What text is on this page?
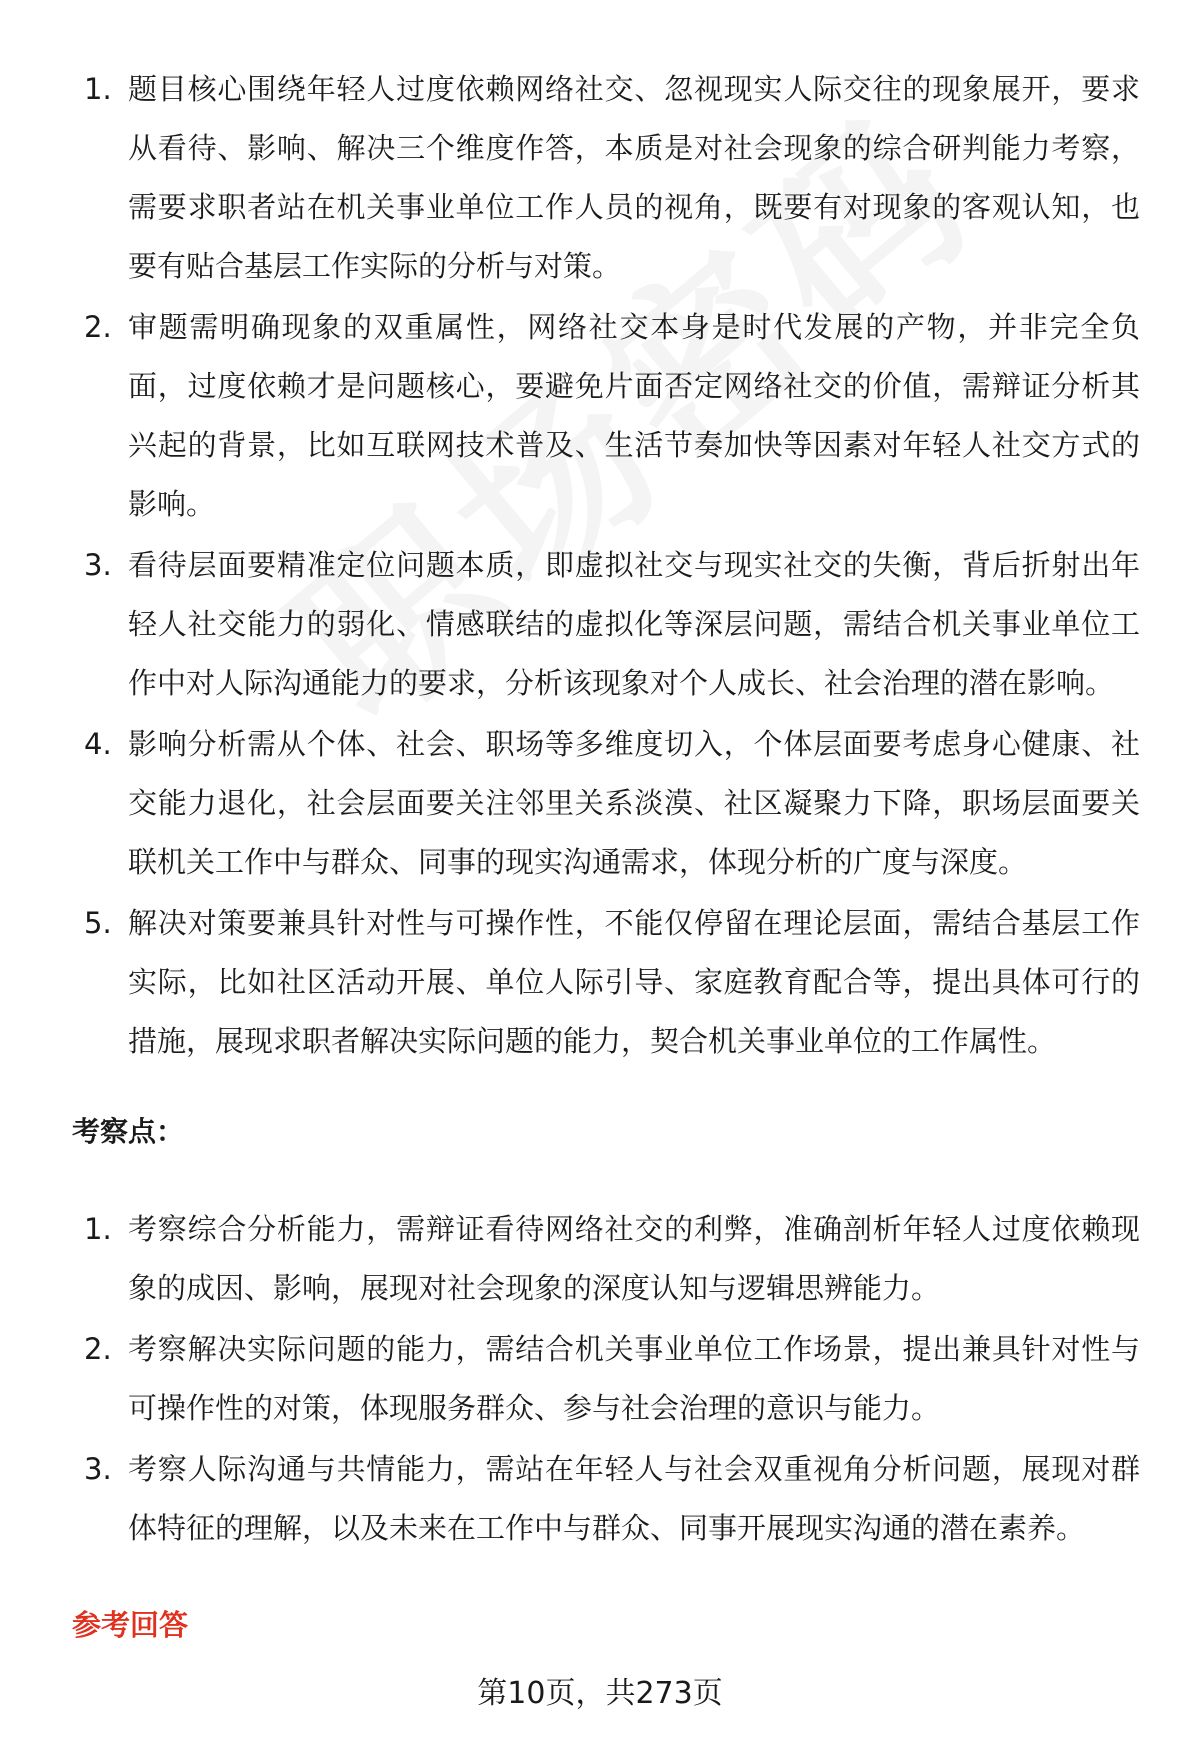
1. 题目核心围绕年轻人过度依赖网络社交、忽视现实人际交往的现象展开，要求从看待、影响、解决三个维度作答，本质是对社会现象的综合研判能力考察，需要求职者站在机关事业单位工作人员的视角，既要有对现象的客观认知，也要有贴合基层工作实际的分析与对策。
2. 审题需明确现象的双重属性，网络社交本身是时代发展的产物，并非完全负面，过度依赖才是问题核心，要避免片面否定网络社交的价值，需辩证分析其兴起的背景，比如互联网技术普及、生活节奏加快等因素对年轻人社交方式的影响。
3. 看待层面要精准定位问题本质，即虚拟社交与现实社交的失衡，背后折射出年轻人社交能力的弱化、情感联结的虚拟化等深层问题，需结合机关事业单位工作中对人际沟通能力的要求，分析该现象对个人成长、社会治理的潜在影响。
4. 影响分析需从个体、社会、职场等多维度切入，个体层面要考虑身心健康、社交能力退化，社会层面要关注邻里关系淡漠、社区凝聚力下降，职场层面要关联机关工作中与群众、同事的现实沟通需求，体现分析的广度与深度。
5. 解决对策要兼具针对性与可操作性，不能仅停留在理论层面，需结合基层工作实际，比如社区活动开展、单位人际引导、家庭教育配合等，提出具体可行的措施，展现求职者解决实际问题的能力，契合机关事业单位的工作属性。
考察点：
1. 考察综合分析能力，需辩证看待网络社交的利弊，准确剖析年轻人过度依赖现象的成因、影响，展现对社会现象的深度认知与逻辑思辨能力。
2. 考察解决实际问题的能力，需结合机关事业单位工作场景，提出兼具针对性与可操作性的对策，体现服务群众、参与社会治理的意识与能力。
3. 考察人际沟通与共情能力，需站在年轻人与社会双重视角分析问题，展现对群体特征的理解，以及未来在工作中与群众、同事开展现实沟通的潜在素养。
参考回答
第10页，共273页
